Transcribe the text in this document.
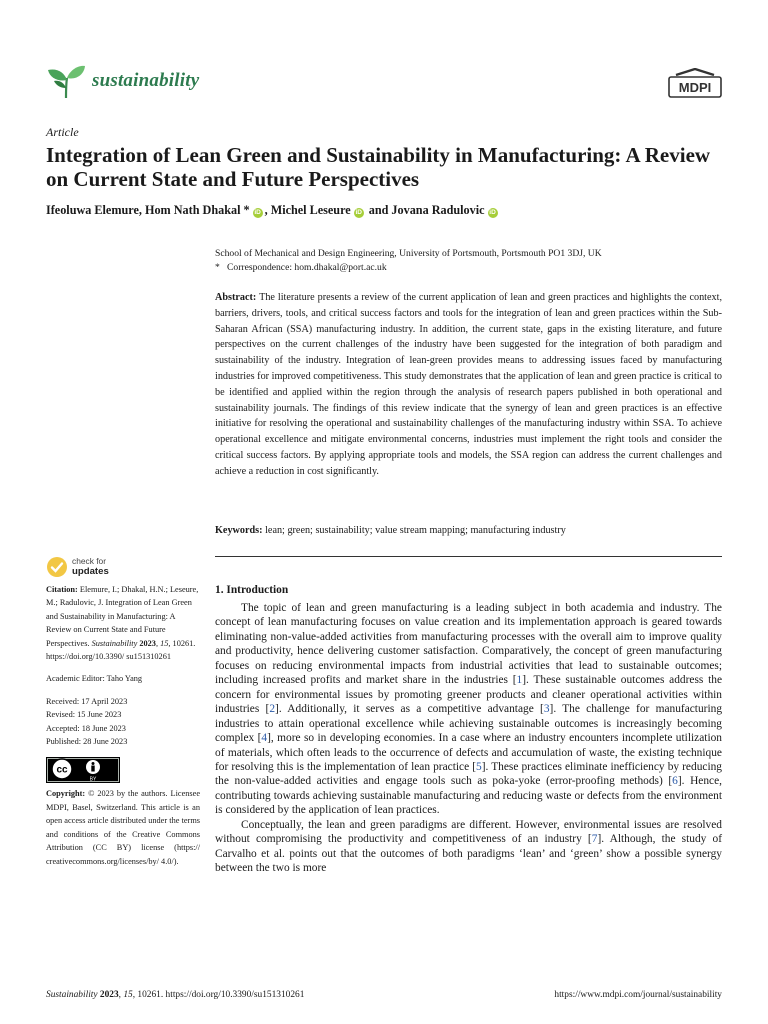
sustainability	MDPI
Article
Integration of Lean Green and Sustainability in Manufacturing: A Review on Current State and Future Perspectives
Ifeoluwa Elemure, Hom Nath Dhakal * iD , Michel Leseure iD and Jovana Radulovic iD
School of Mechanical and Design Engineering, University of Portsmouth, Portsmouth PO1 3DJ, UK
*   Correspondence: hom.dhakal@port.ac.uk

Abstract: The literature presents a review of the current application of lean and green practices and highlights the context, barriers, drivers, tools, and critical success factors and tools for the integration of lean and green practices within the Sub-Saharan African (SSA) manufacturing industry. In addition, the current state, gaps in the existing literature, and future perspectives on the current challenges of the industry have been suggested for the integration of both paradigm and sustainability of the industry. Integration of lean-green provides means to addressing issues faced by manufacturing industries for improved competitiveness. This study demonstrates that the application of lean and green practice is critical to be identified and applied within the region through the analysis of research papers published in both operational and sustainability journals. The findings of this review indicate that the synergy of lean and green practices is an effective initiative for resolving the operational and sustainability challenges of the manufacturing industry within SSA. To achieve operational excellence and mitigate environmental concerns, industries must implement the right tools and consider the critical success factors. By applying appropriate tools and models, the SSA region can address the current challenges and achieve a reduction in cost significantly.

Keywords: lean; green; sustainability; value stream mapping; manufacturing industry
check for
updates
Citation: Elemure, I.; Dhakal, H.N.; Leseure, M.; Radulovic, J. Integration of Lean Green and Sustainability in Manufacturing: A Review on Current State and Future Perspectives. Sustainability 2023, 15, 10261. https://doi.org/10.3390/ su151310261
Academic Editor: Taho Yang
Received: 17 April 2023
Revised: 15 June 2023
Accepted: 18 June 2023
Published: 28 June 2023
cc
BY
Copyright: © 2023 by the authors. Licensee MDPI, Basel, Switzerland. This article is an open access article distributed under the terms and conditions of the Creative Commons Attribution (CC BY) license (https:// creativecommons.org/licenses/by/ 4.0/).
1. Introduction

The topic of lean and green manufacturing is a leading subject in both academia and industry. The concept of lean manufacturing focuses on value creation and its implementation approach is geared towards eliminating non-value-added activities from manufacturing processes with the overall aim to improve quality and productivity, hence delivering customer satisfaction. Comparatively, the concept of green manufacturing focuses on reducing environmental impacts from industrial activities that lead to sustainable outcomes; including increased profits and market share in the industries [1]. These sustainable outcomes address the concern for environmental issues by promoting greener products and cleaner operational activities within industries [2]. Additionally, it serves as a competitive advantage [3]. The challenge for manufacturing industries to attain operational excellence while achieving sustainable outcomes is increasingly becoming complex [4], more so in developing economies. In a case where an industry encounters incomplete utilization of materials, which often leads to the occurrence of defects and accumulation of waste, the existing technique for resolving this is the implementation of lean practice [5]. These practices eliminate inefficiency by reducing the non-value-added activities and engage tools such as poka-yoke (error-proofing methods) [6]. Hence, contributing towards achieving sustainable manufacturing and reducing waste or defects from the environment is considered by the application of lean practices.

Conceptually, the lean and green paradigms are different. However, environmental issues are resolved without compromising the productivity and competitiveness of an industry [7]. Although, the study of Carvalho et al. points out that the outcomes of both paradigms ‘lean’ and ‘green’ show a possible synergy between the two is more

Sustainability 2023, 15, 10261. https://doi.org/10.3390/su151310261	https://www.mdpi.com/journal/sustainability
